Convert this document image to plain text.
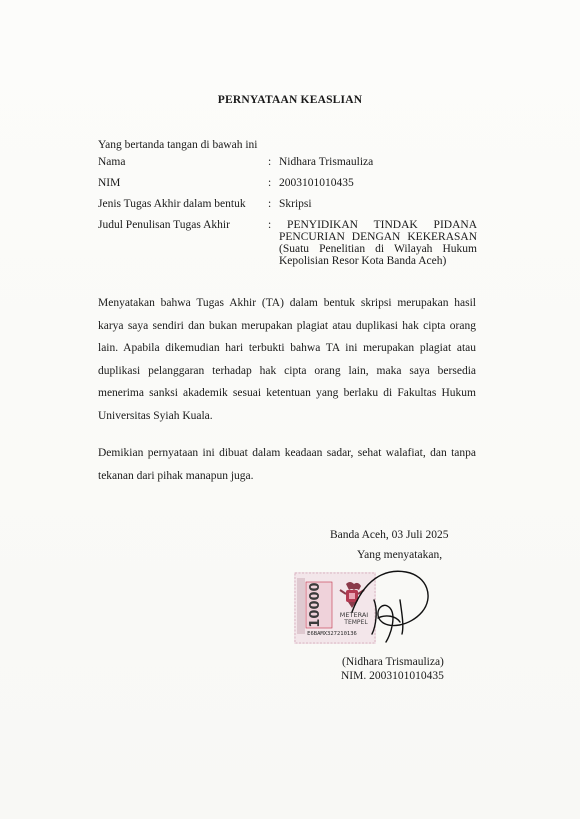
PERNYATAAN KEASLIAN
Yang bertanda tangan di bawah ini
Nama	: Nidhara Trismauliza
NIM	: 2003101010435
Jenis Tugas Akhir dalam bentuk : Skripsi
Judul Penulisan Tugas Akhir	:    PENYIDIKAN    TINDAK    PIDANA
PENCURIAN  DENGAN  KEKERASAN
(Suatu  Penelitian  di  Wilayah  Hukum
Kepolisian Resor Kota Banda Aceh)
Menyatakan bahwa Tugas Akhir (TA) dalam bentuk skripsi merupakan hasil karya saya sendiri dan bukan merupakan plagiat atau duplikasi hak cipta orang lain. Apabila dikemudian hari terbukti bahwa TA ini merupakan plagiat atau duplikasi pelanggaran terhadap hak cipta orang lain, maka saya bersedia menerima sanksi akademik sesuai ketentuan yang berlaku di Fakultas Hukum Universitas Syiah Kuala.
Demikian pernyataan ini dibuat dalam keadaan sadar, sehat walafiat, dan tanpa tekanan dari pihak manapun juga.
Banda Aceh, 03 Juli 2025
Yang menyatakan,
10000	METERAI
TEMPEL
E6BAMX327210136
(Nidhara Trismauliza)
NIM. 2003101010435
